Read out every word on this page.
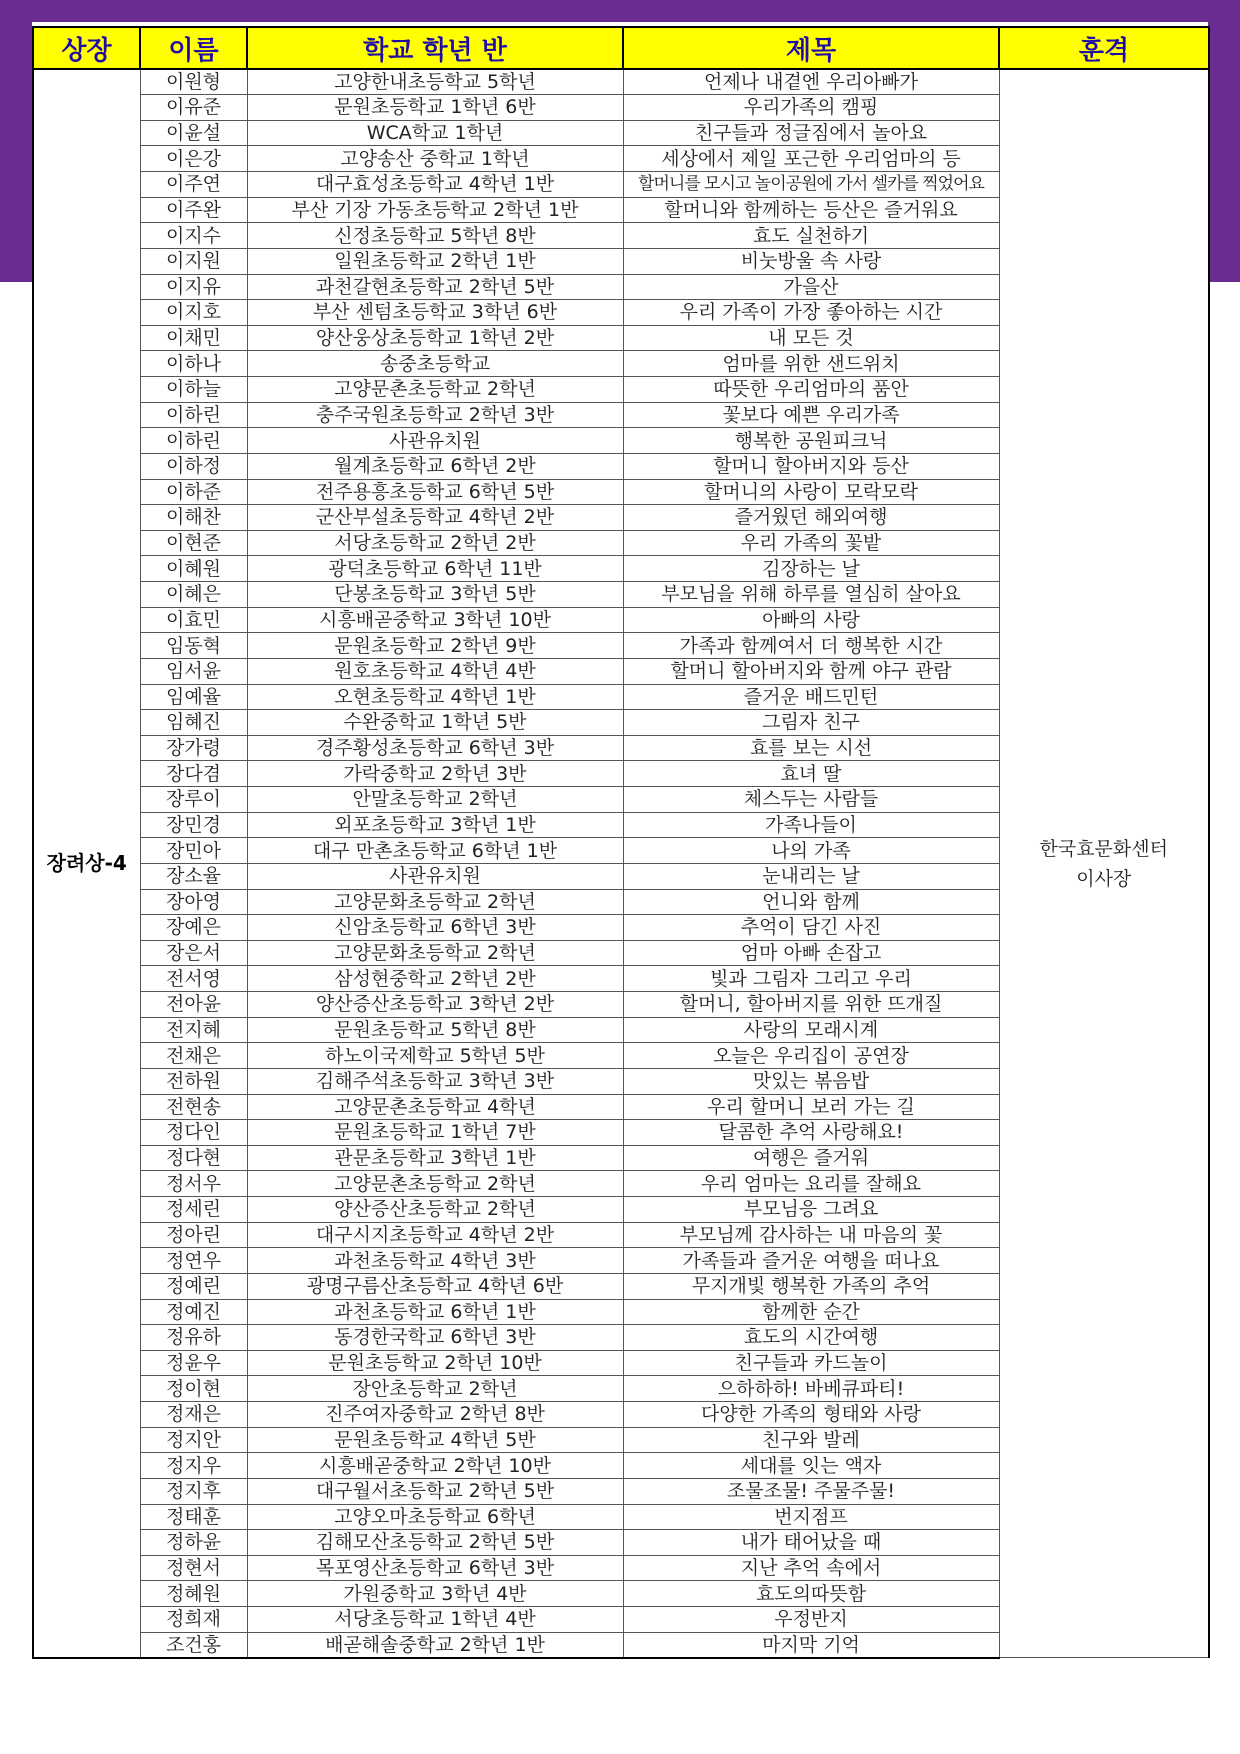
상장	이름	학교 학년 반	제목	훈격
장려상-4	이원형	고양한내초등학교 5학년	언제나 내곁엔 우리아빠가	한국효문화센터
이사장

	이유준	문원초등학교 1학년 6반	우리가족의 캠핑	
	이윤설	WCA학교 1학년	친구들과 정글짐에서 놀아요	
	이은강	고양송산 중학교 1학년	세상에서 제일 포근한 우리엄마의 등	
	이주연	대구효성초등학교 4학년 1반	할머니를 모시고 놀이공원에 가서 셀카를 찍었어요	
	이주완	부산 기장 가동초등학교 2학년 1반	할머니와 함께하는 등산은 즐거워요	
	이지수	신정초등학교 5학년 8반	효도 실천하기	
	이지원	일원초등학교 2학년 1반	비눗방울 속 사랑	
	이지유	과천갈현초등학교 2학년 5반	가을산	
	이지호	부산 센텀초등학교 3학년 6반	우리 가족이 가장 좋아하는 시간	
	이채민	양산웅상초등학교 1학년 2반	내 모든 것	
	이하나	송중초등학교	엄마를 위한 샌드위치	
	이하늘	고양문촌초등학교 2학년	따뜻한 우리엄마의 품안	
	이하린	충주국원초등학교 2학년 3반	꽃보다 예쁜 우리가족	
	이하린	사관유치원	행복한 공원피크닉	
	이하정	월계초등학교 6학년 2반	할머니 할아버지와 등산	
	이하준	전주용흥초등학교 6학년 5반	할머니의 사랑이 모락모락	
	이해찬	군산부설초등학교 4학년 2반	즐거웠던 해외여행	
	이현준	서당초등학교 2학년 2반	우리 가족의 꽃밭	
	이혜원	광덕초등학교 6학년 11반	김장하는 날	
	이혜은	단봉초등학교 3학년 5반	부모님을 위해 하루를 열심히 살아요	
	이효민	시흥배곧중학교 3학년 10반	아빠의 사랑	
	임동혁	문원초등학교 2학년 9반	가족과 함께여서 더 행복한 시간	
	임서윤	원호초등학교 4학년 4반	할머니 할아버지와 함께 야구 관람	
	임예율	오현초등학교 4학년 1반	즐거운 배드민턴	
	임혜진	수완중학교 1학년 5반	그림자 친구	
	장가령	경주황성초등학교 6학년 3반	효를 보는 시선	
	장다겸	가락중학교 2학년 3반	효녀 딸	
	장루이	안말초등학교 2학년	체스두는 사람들	
	장민경	외포초등학교 3학년 1반	가족나들이	
	장민아	대구 만촌초등학교 6학년 1반	나의 가족	
	장소율	사관유치원	눈내리는 날	
	장아영	고양문화초등학교 2학년	언니와 함께	
	장예은	신암초등학교 6학년 3반	추억이 담긴 사진	
	장은서	고양문화초등학교 2학년	엄마 아빠 손잡고	
	전서영	삼성현중학교 2학년 2반	빛과 그림자 그리고 우리	
	전아윤	양산증산초등학교 3학년 2반	할머니, 할아버지를 위한 뜨개질	
	전지혜	문원초등학교 5학년 8반	사랑의 모래시계	
	전채은	하노이국제학교 5학년 5반	오늘은 우리집이 공연장	
	전하원	김해주석초등학교 3학년 3반	맛있는 볶음밥	
	전현송	고양문촌초등학교 4학년	우리 할머니 보러 가는 길	
	정다인	문원초등학교 1학년 7반	달콤한 추억 사랑해요!	
	정다현	관문초등학교 3학년 1반	여행은 즐거워	
	정서우	고양문촌초등학교 2학년	우리 엄마는 요리를 잘해요	
	정세린	양산증산초등학교 2학년	부모님응 그려요	
	정아린	대구시지초등학교 4학년 2반	부모님께 감사하는 내 마음의 꽃	
	정연우	과천초등학교 4학년 3반	가족들과 즐거운 여행을 떠나요	
	정예린	광명구름산초등학교 4학년 6반	무지개빛 행복한 가족의 추억	
	정예진	과천초등학교 6학년 1반	함께한 순간	
	정유하	동경한국학교 6학년 3반	효도의 시간여행	
	정윤우	문원초등학교 2학년 10반	친구들과 카드놀이	
	정이현	장안초등학교 2학년	으하하하! 바베큐파티!	
	정재은	진주여자중학교 2학년 8반	다양한 가족의 형태와 사랑	
	정지안	문원초등학교 4학년 5반	친구와 발레	
	정지우	시흥배곧중학교 2학년 10반	세대를 잇는 액자	
	정지후	대구월서초등학교 2학년 5반	조물조물! 주물주물!	
	정태훈	고양오마초등학교 6학년	번지점프	
	정하윤	김해모산초등학교 2학년 5반	내가 태어났을 때	
	정현서	목포영산초등학교 6학년 3반	지난 추억 속에서	
	정혜원	가원중학교 3학년 4반	효도의따뜻함	
	정희재	서당초등학교 1학년 4반	우정반지	
	조건홍	배곧해솔중학교 2학년 1반	마지막 기억	
